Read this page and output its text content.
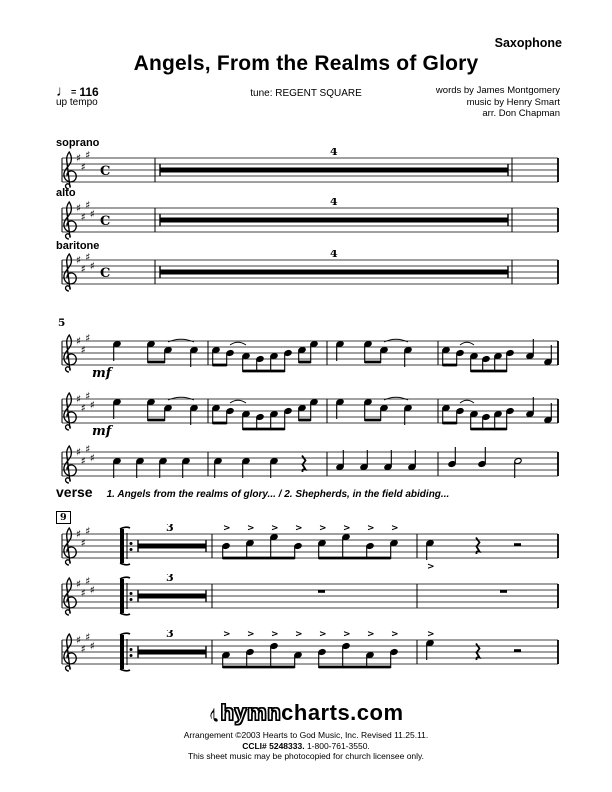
Saxophone
Angels, From the Realms of Glory
♩= 116
up tempo
tune: REGENT SQUARE	words by James Montgomery
music by Henry Smart
arr. Don Chapman
soprano
alto
baritone
5
9
mf
mf
♯
♯
♯
C
4
♯
♯
♯
♯ C
4
♯
♯
♯
♯ C
4
♯
♯
♯
♯
♯
♯
♯
♯
♯
♯
♯
♯
♯
♯	3	> > > > > > > >
>
♯
♯
♯
♯
3
♯
♯
♯
♯
3	> > > > > > > >	>
verse 1. Angels from the realms of glory... / 2. Shepherds, in the field abiding...
♪hymncharts.com
Arrangement ©2003 Hearts to God Music, Inc. Revised 11.25.11.
CCLI# 5248333. 1-800-761-3550.
This sheet music may be photocopied for church licensee only.
